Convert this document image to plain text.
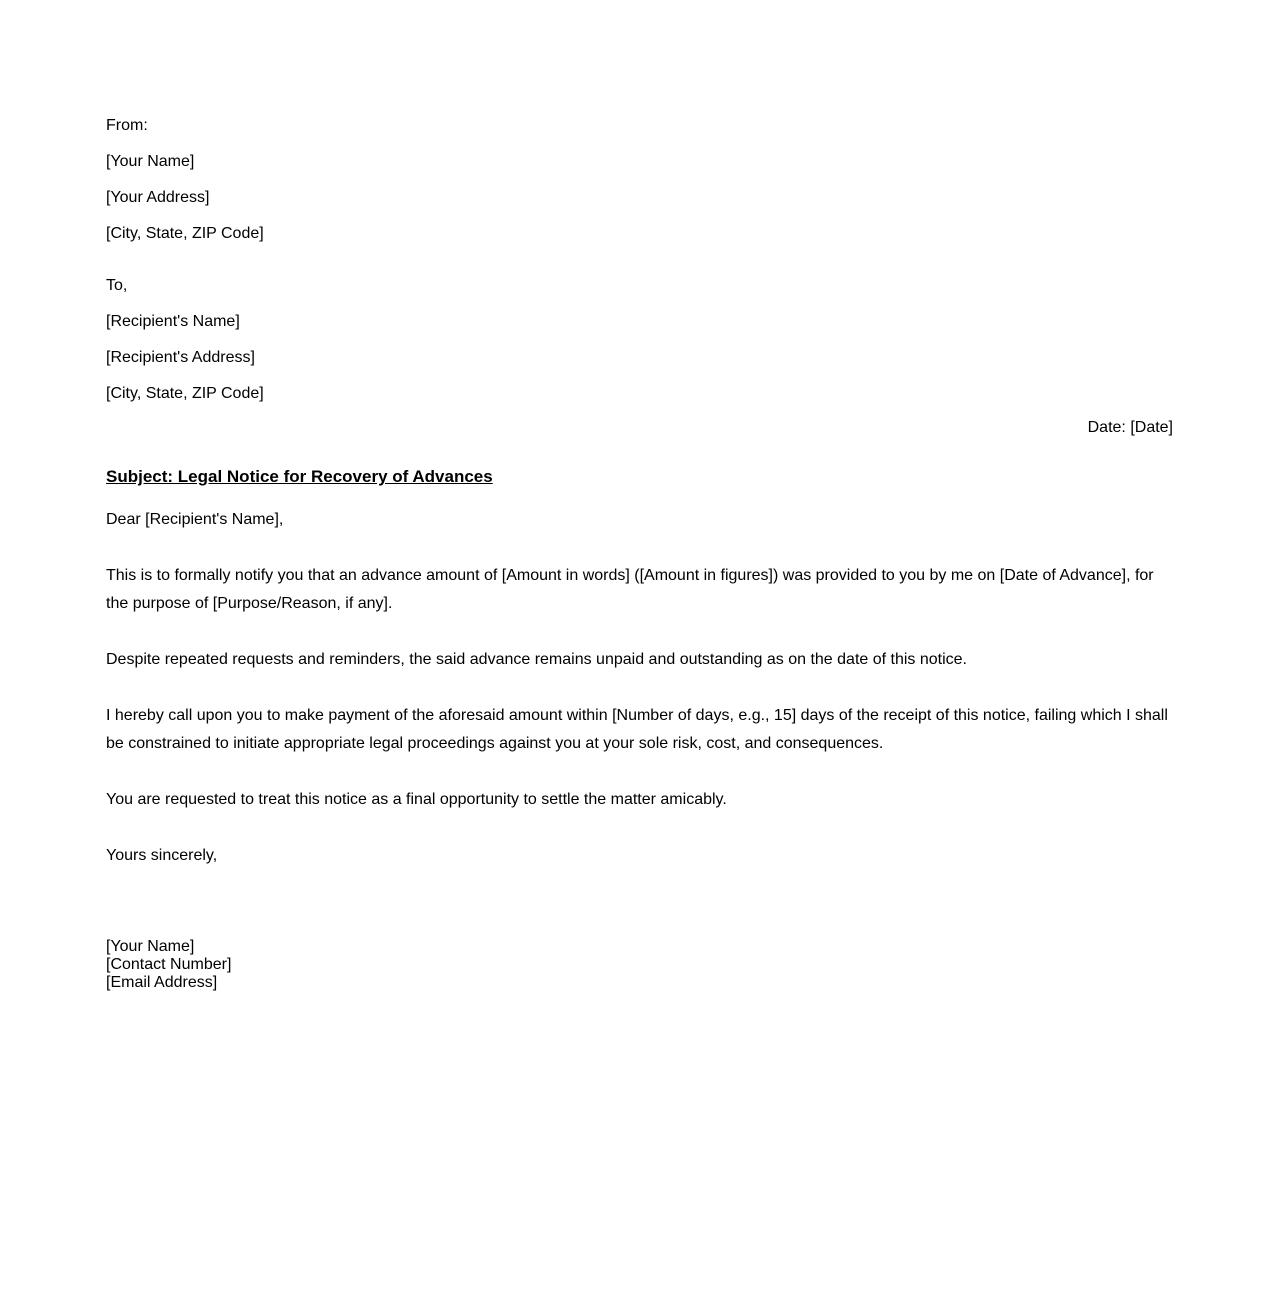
From:
[Your Name]
[Your Address]
[City, State, ZIP Code]
To,
[Recipient's Name]
[Recipient's Address]
[City, State, ZIP Code]
Date: [Date]
Subject: Legal Notice for Recovery of Advances
Dear [Recipient's Name],
This is to formally notify you that an advance amount of [Amount in words] ([Amount in figures]) was provided to you by me on [Date of Advance], for the purpose of [Purpose/Reason, if any].
Despite repeated requests and reminders, the said advance remains unpaid and outstanding as on the date of this notice.
I hereby call upon you to make payment of the aforesaid amount within [Number of days, e.g., 15] days of the receipt of this notice, failing which I shall be constrained to initiate appropriate legal proceedings against you at your sole risk, cost, and consequences.
You are requested to treat this notice as a final opportunity to settle the matter amicably.
Yours sincerely,
[Your Name]
[Contact Number]
[Email Address]
